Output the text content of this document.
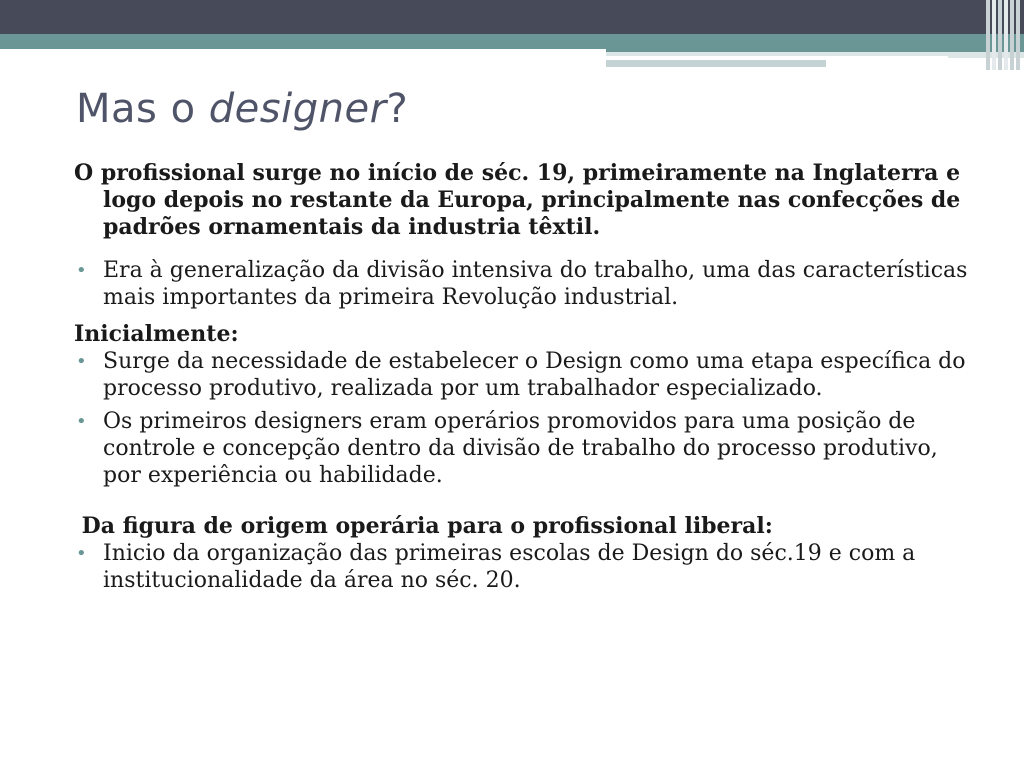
Mas o designer?

O profissional surge no início de séc. 19, primeiramente na Inglaterra e logo depois no restante da Europa, principalmente nas confecções de padrões ornamentais da industria têxtil.

• Era à generalização da divisão intensiva do trabalho, uma das características mais importantes da primeira Revolução industrial.

Inicialmente:

• Surge da necessidade de estabelecer o Design como uma etapa específica do processo produtivo, realizada por um trabalhador especializado.

• Os primeiros designers eram operários promovidos para uma posição de controle e concepção dentro da divisão de trabalho do processo produtivo, por experiência ou habilidade.

Da figura de origem operária para o profissional liberal:

• Inicio da organização das primeiras escolas de Design do séc.19 e com a institucionalidade da área no séc. 20.
